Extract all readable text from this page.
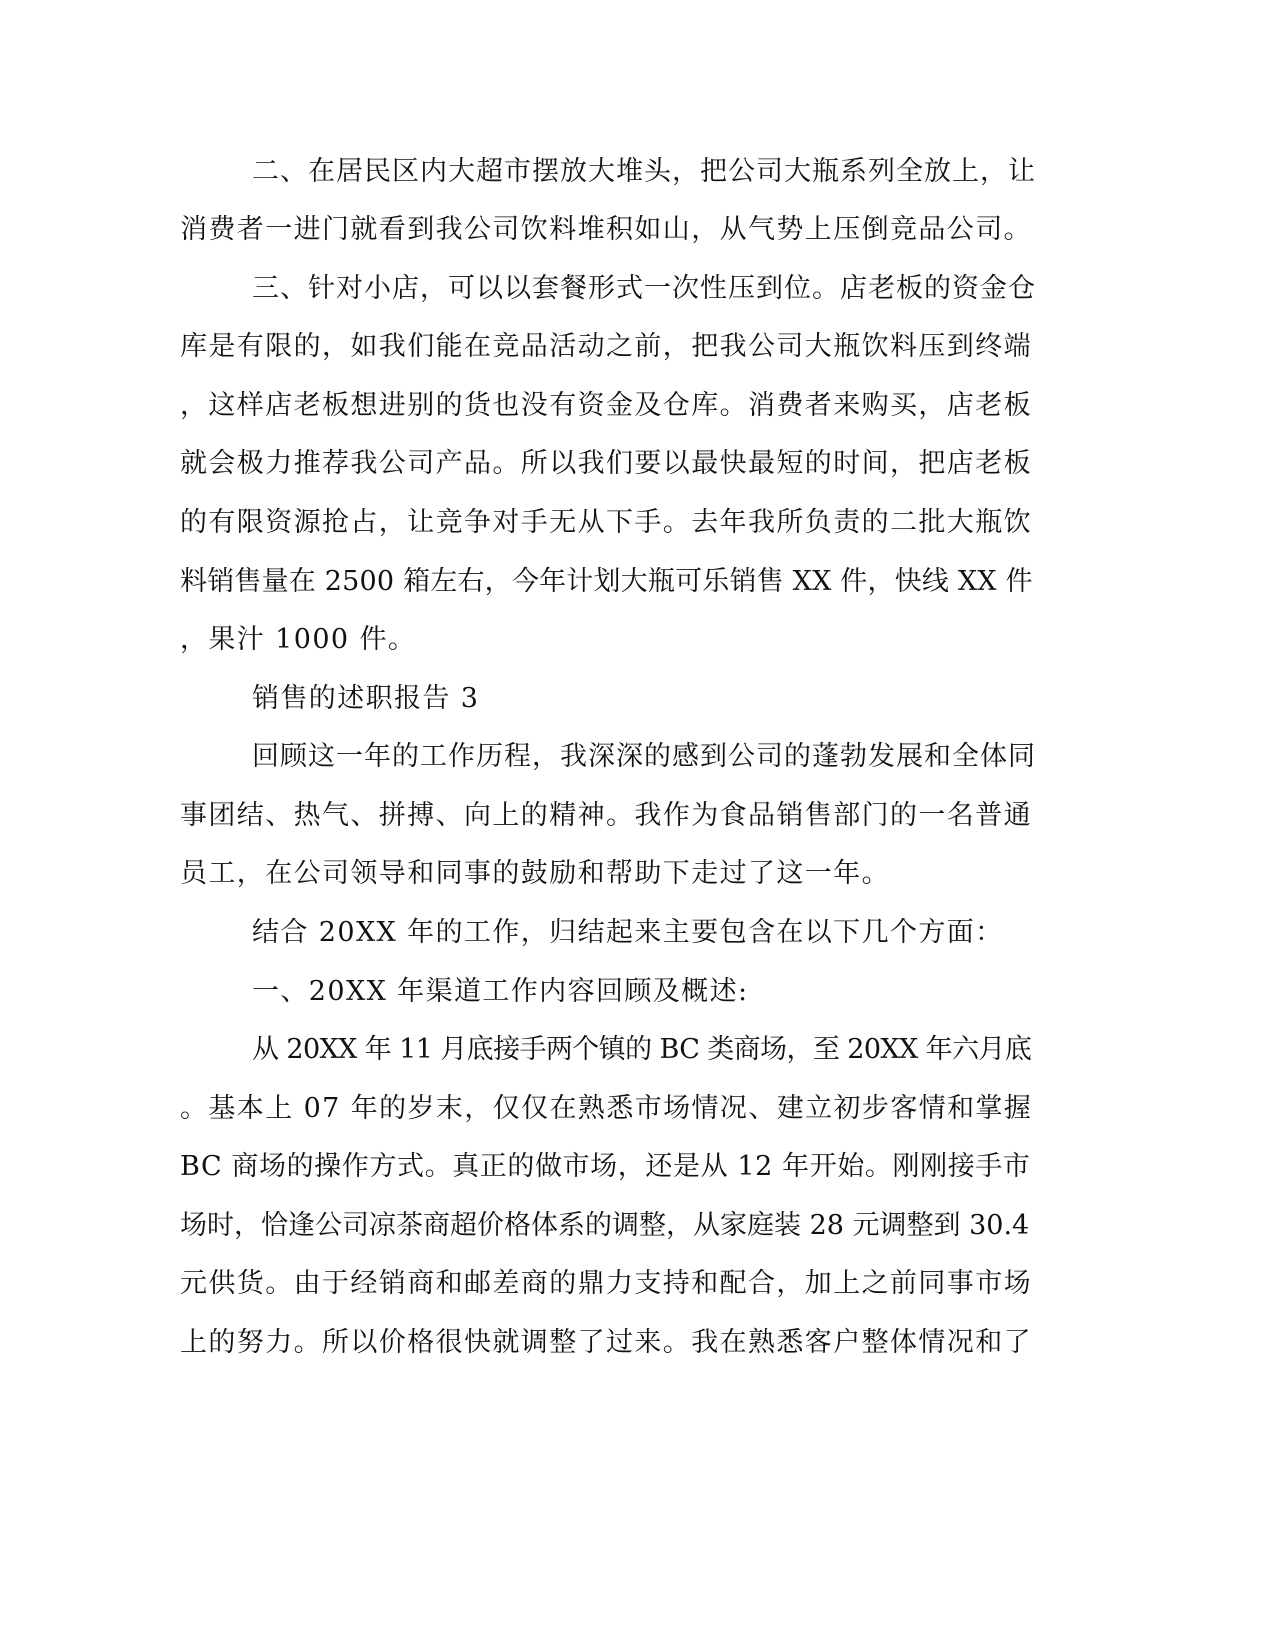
二、在居民区内大超市摆放大堆头，把公司大瓶系列全放上，让
消费者一进门就看到我公司饮料堆积如山，从气势上压倒竞品公司。
三、针对小店，可以以套餐形式一次性压到位。店老板的资金仓
库是有限的，如我们能在竞品活动之前，把我公司大瓶饮料压到终端
，这样店老板想进别的货也没有资金及仓库。消费者来购买，店老板
就会极力推荐我公司产品。所以我们要以最快最短的时间，把店老板
的有限资源抢占，让竞争对手无从下手。去年我所负责的二批大瓶饮
料销售量在 2500 箱左右，今年计划大瓶可乐销售 XX 件，快线 XX 件
，果汁 1000 件。
销售的述职报告 3
回顾这一年的工作历程，我深深的感到公司的蓬勃发展和全体同
事团结、热气、拼搏、向上的精神。我作为食品销售部门的一名普通
员工，在公司领导和同事的鼓励和帮助下走过了这一年。
结合 20XX 年的工作，归结起来主要包含在以下几个方面：
一、20XX 年渠道工作内容回顾及概述:
从 20XX 年 11 月底接手两个镇的 BC 类商场，至 20XX 年六月底
。基本上 07 年的岁末，仅仅在熟悉市场情况、建立初步客情和掌握
BC 商场的操作方式。真正的做市场，还是从 12 年开始。刚刚接手市
场时，恰逢公司凉茶商超价格体系的调整，从家庭装 28 元调整到 30.4
元供货。由于经销商和邮差商的鼎力支持和配合，加上之前同事市场
上的努力。所以价格很快就调整了过来。我在熟悉客户整体情况和了
